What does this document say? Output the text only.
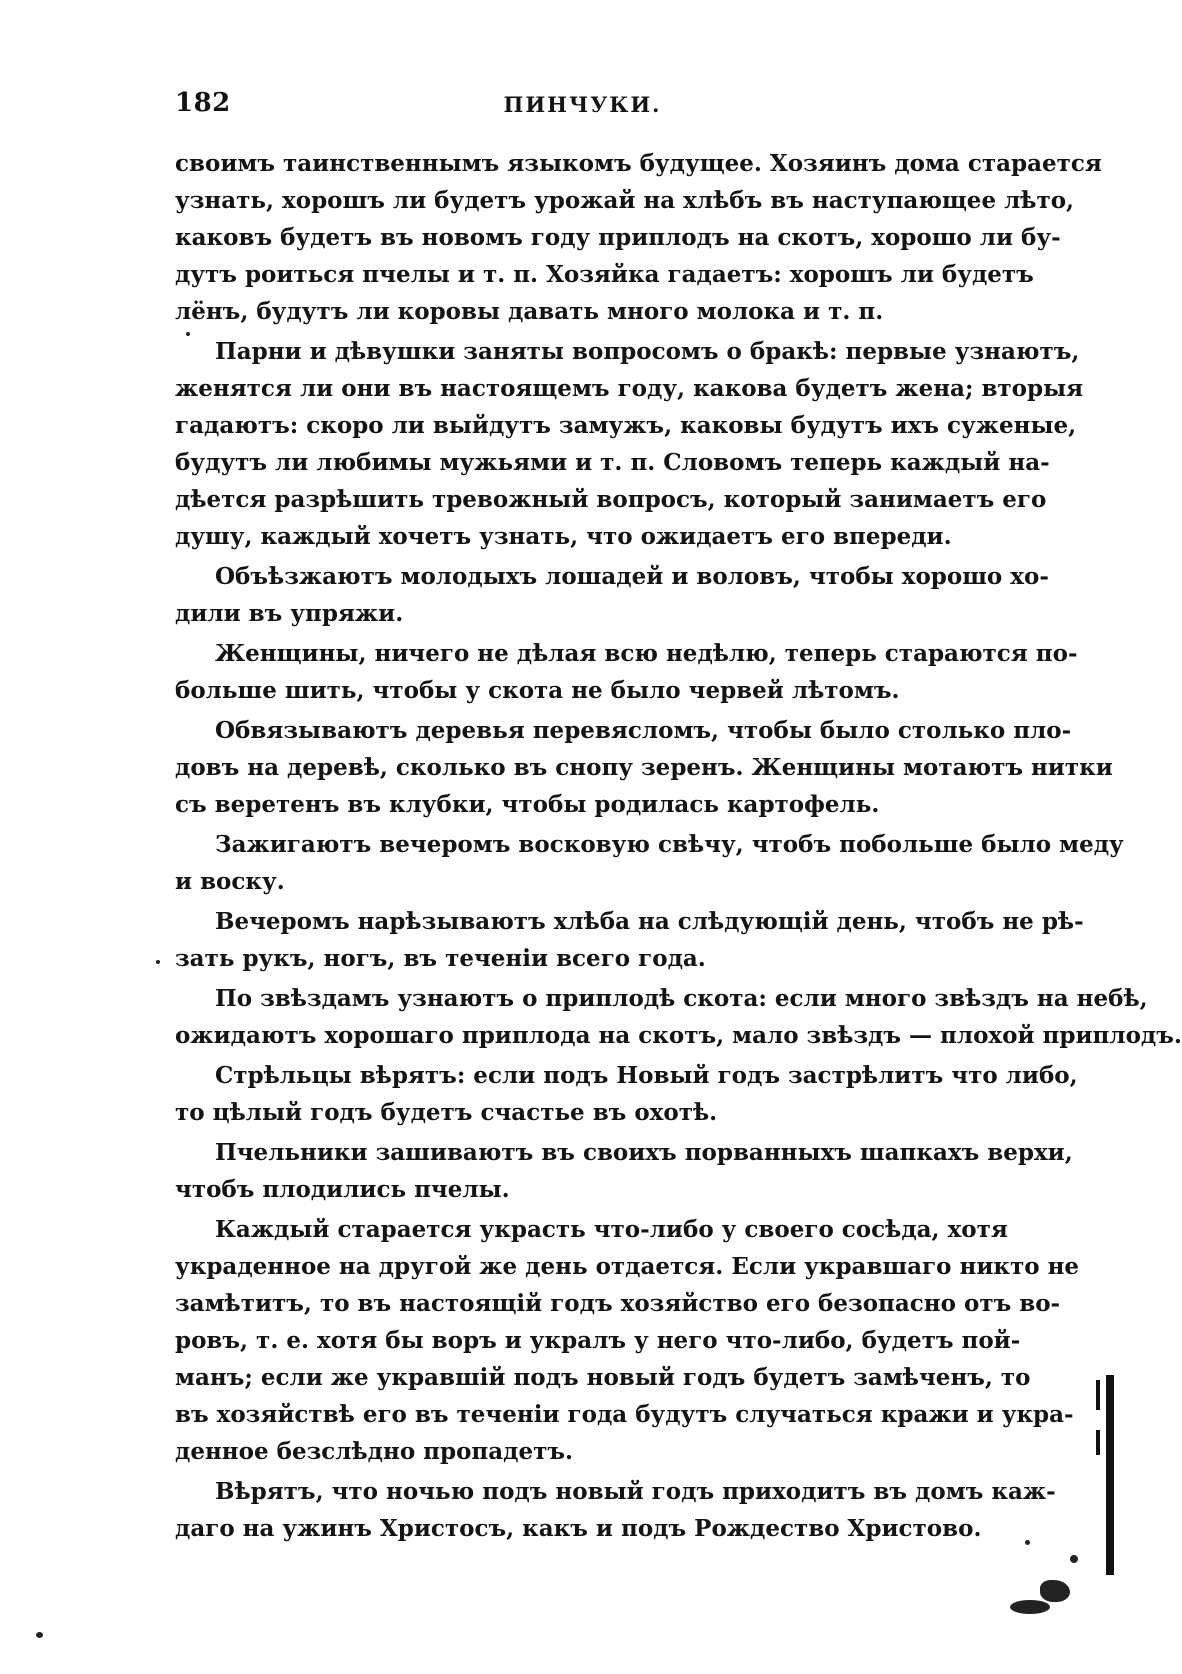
182	ПИНЧУКИ.
своимъ таинственнымъ языкомъ будущее. Хозяинъ дома старается
узнать, хорошъ ли будетъ урожай на хлѣбъ въ наступающее лѣто,
каковъ будетъ въ новомъ году приплодъ на скотъ, хорошо ли бу-
дутъ роиться пчелы и т. п. Хозяйка гадаетъ: хорошъ ли будетъ
лёнъ, будутъ ли коровы давать много молока и т. п.
Парни и дѣвушки заняты вопросомъ о бракѣ: первые узнаютъ,
женятся ли они въ настоящемъ году, какова будетъ жена; вторыя
гадаютъ: скоро ли выйдутъ замужъ, каковы будутъ ихъ суженые,
будутъ ли любимы мужьями и т. п. Словомъ теперь каждый на-
дѣется разрѣшить тревожный вопросъ, который занимаетъ его
душу, каждый хочетъ узнать, что ожидаетъ его впереди.
Объѣзжаютъ молодыхъ лошадей и воловъ, чтобы хорошо хо-
дили въ упряжи.
Женщины, ничего не дѣлая всю недѣлю, теперь стараются по-
больше шить, чтобы у скота не было червей лѣтомъ.
Обвязываютъ деревья перевясломъ, чтобы было столько пло-
довъ на деревѣ, сколько въ снопу зеренъ. Женщины мотаютъ нитки
съ веретенъ въ клубки, чтобы родилась картофель.
Зажигаютъ вечеромъ восковую свѣчу, чтобъ побольше было меду
и воску.
Вечеромъ нарѣзываютъ хлѣба на слѣдующій день, чтобъ не рѣ-
зать рукъ, ногъ, въ теченіи всего года.
По звѣздамъ узнаютъ о приплодѣ скота: если много звѣздъ на небѣ,
ожидаютъ хорошаго приплода на скотъ, мало звѣздъ — плохой приплодъ.
Стрѣльцы вѣрятъ: если подъ Новый годъ застрѣлитъ что либо,
то цѣлый годъ будетъ счастье въ охотѣ.
Пчельники зашиваютъ въ своихъ порванныхъ шапкахъ верхи,
чтобъ плодились пчелы.
Каждый старается украсть что-либо у своего сосѣда, хотя
украденное на другой же день отдается. Если укравшаго никто не
замѣтитъ, то въ настоящій годъ хозяйство его безопасно отъ во-
ровъ, т. е. хотя бы воръ и укралъ у него что-либо, будетъ пой-
манъ; если же укравшій подъ новый годъ будетъ замѣченъ, то
въ хозяйствѣ его въ теченіи года будутъ случаться кражи и укра-
денное безслѣдно пропадетъ.
Вѣрятъ, что ночью подъ новый годъ приходитъ въ домъ каж-
даго на ужинъ Христосъ, какъ и подъ Рождество Христово.
